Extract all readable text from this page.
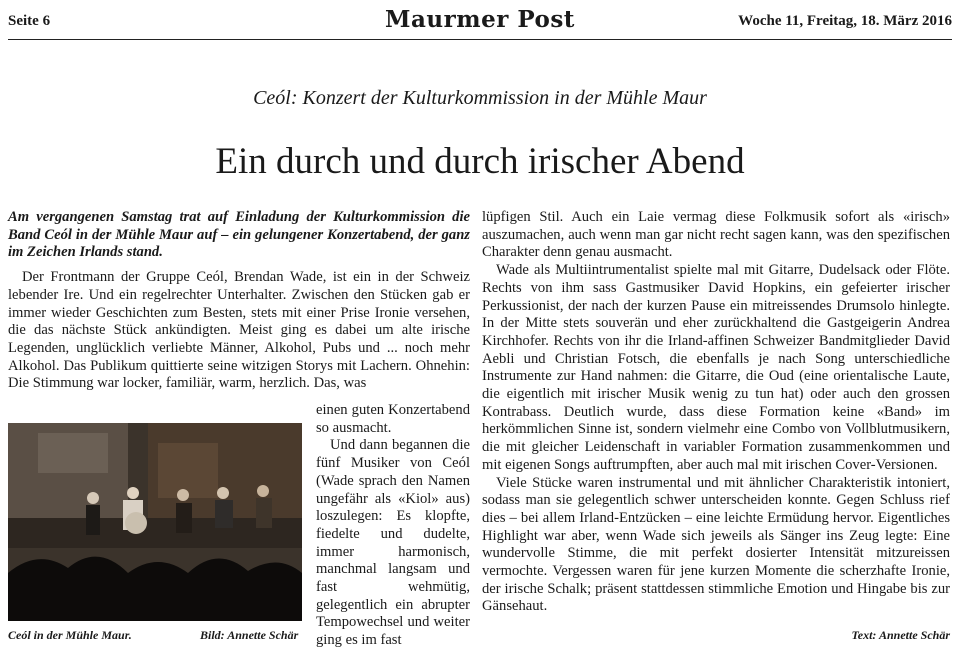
Seite 6	Maurmer Post	Woche 11, Freitag, 18. März 2016
Ceól: Konzert der Kulturkommission in der Mühle Maur
Ein durch und durch irischer Abend

Am vergangenen Samstag trat auf Einladung der Kulturkommission die Band Ceól in der Mühle Maur auf – ein gelungener Konzertabend, der ganz im Zeichen Irlands stand.

Der Frontmann der Gruppe Ceól, Brendan Wade, ist ein in der Schweiz lebender Ire. Und ein regelrechter Unterhalter. Zwischen den Stücken gab er immer wieder Geschichten zum Besten, stets mit einer Prise Ironie versehen, die das nächste Stück ankündigten. Meist ging es dabei um alte irische Legenden, unglücklich verliebte Männer, Alkohol, Pubs und ... noch mehr Alkohol. Das Publikum quittierte seine witzigen Storys mit Lachern. Ohnehin: Die Stimmung war locker, familiär, warm, herzlich. Das, was

einen guten Konzertabend so ausmacht.

Und dann begannen die fünf Musiker von Ceól (Wade sprach den Namen ungefähr als «Kiol» aus) loszulegen: Es klopfte, fiedelte und dudelte, immer harmonisch, manchmal langsam und fast wehmütig, gelegentlich ein abrupter Tempowechsel und weiter ging es im fast

Ceól in der Mühle Maur.	Bild: Annette Schär

lüpfigen Stil. Auch ein Laie vermag diese Folkmusik sofort als «irisch» auszumachen, auch wenn man gar nicht recht sagen kann, was den spezifischen Charakter denn genau ausmacht.

Wade als Multiintrumentalist spielte mal mit Gitarre, Dudelsack oder Flöte. Rechts von ihm sass Gastmusiker David Hopkins, ein gefeierter irischer Perkussionist, der nach der kurzen Pause ein mitreissendes Drumsolo hinlegte. In der Mitte stets souverän und eher zurückhaltend die Gastgeigerin Andrea Kirchhofer. Rechts von ihr die Irland-affinen Schweizer Bandmitglieder David Aebli und Christian Fotsch, die ebenfalls je nach Song unterschiedliche Instrumente zur Hand nahmen: die Gitarre, die Oud (eine orientalische Laute, die eigentlich mit irischer Musik wenig zu tun hat) oder auch den grossen Kontrabass. Deutlich wurde, dass diese Formation keine «Band» im herkömmlichen Sinne ist, sondern vielmehr eine Combo von Vollblutmusikern, die mit gleicher Leidenschaft in variabler Formation zusammenkommen und mit eigenen Songs auftrumpften, aber auch mal mit irischen Cover-Versionen.

Viele Stücke waren instrumental und mit ähnlicher Charakteristik intoniert, sodass man sie gelegentlich schwer unterscheiden konnte. Gegen Schluss rief dies – bei allem Irland-Entzücken – eine leichte Ermüdung hervor. Eigentliches Highlight war aber, wenn Wade sich jeweils als Sänger ins Zeug legte: Eine wundervolle Stimme, die mit perfekt dosierter Intensität mitzureissen vermochte. Vergessen waren für jene kurzen Momente die scherzhafte Ironie, der irische Schalk; präsent stattdessen stimmliche Emotion und Hingabe bis zur Gänsehaut.

Text: Annette Schär
